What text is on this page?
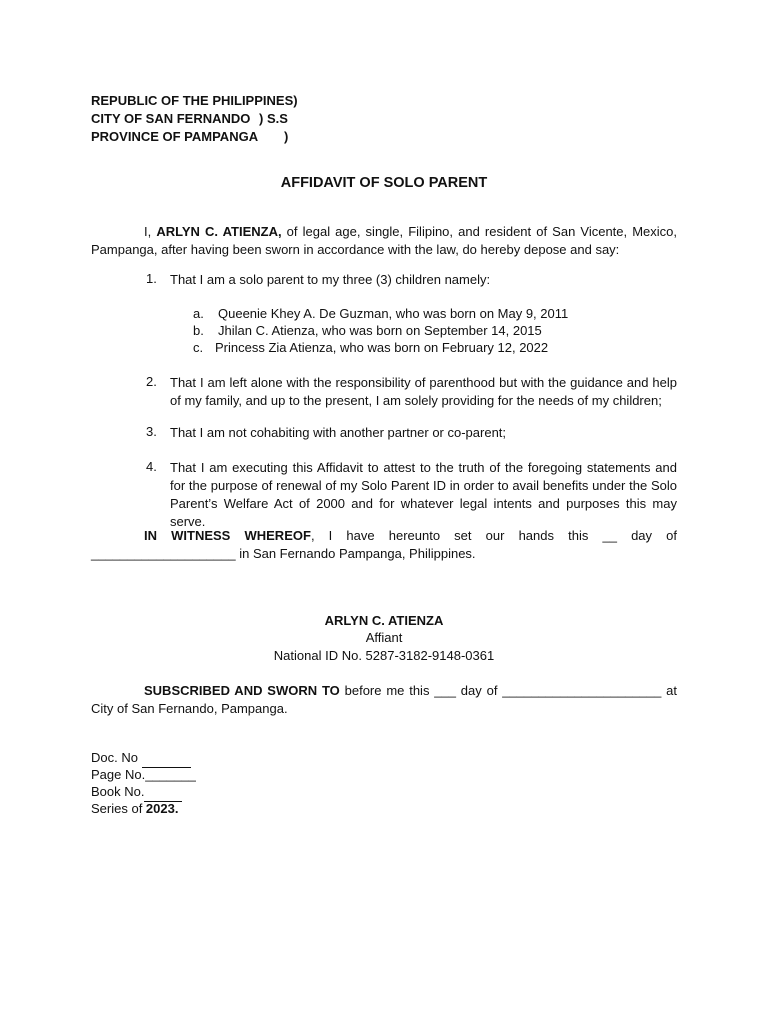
REPUBLIC OF THE PHILIPPINES)
CITY OF SAN FERNANDO ) S.S
PROVINCE OF PAMPANGA )
AFFIDAVIT OF SOLO PARENT
I, ARLYN C. ATIENZA, of legal age, single, Filipino, and resident of San Vicente, Mexico, Pampanga, after having been sworn in accordance with the law, do hereby depose and say:
1. That I am a solo parent to my three (3) children namely:
a. Queenie Khey A. De Guzman, who was born on May 9, 2011
b. Jhilan C. Atienza, who was born on September 14, 2015
c. Princess Zia Atienza, who was born on February 12, 2022
2. That I am left alone with the responsibility of parenthood but with the guidance and help of my family, and up to the present, I am solely providing for the needs of my children;
3. That I am not cohabiting with another partner or co-parent;
4. That I am executing this Affidavit to attest to the truth of the foregoing statements and for the purpose of renewal of my Solo Parent ID in order to avail benefits under the Solo Parent’s Welfare Act of 2000 and for whatever legal intents and purposes this may serve.
IN WITNESS WHEREOF, I have hereunto set our hands this __ day of ____________________ in San Fernando Pampanga, Philippines.
ARLYN C. ATIENZA
Affiant
National ID No. 5287-3182-9148-0361
SUBSCRIBED AND SWORN TO before me this ___ day of ______________________ at City of San Fernando, Pampanga.
Doc. No
Page No._______
Book No.
Series of 2023.
